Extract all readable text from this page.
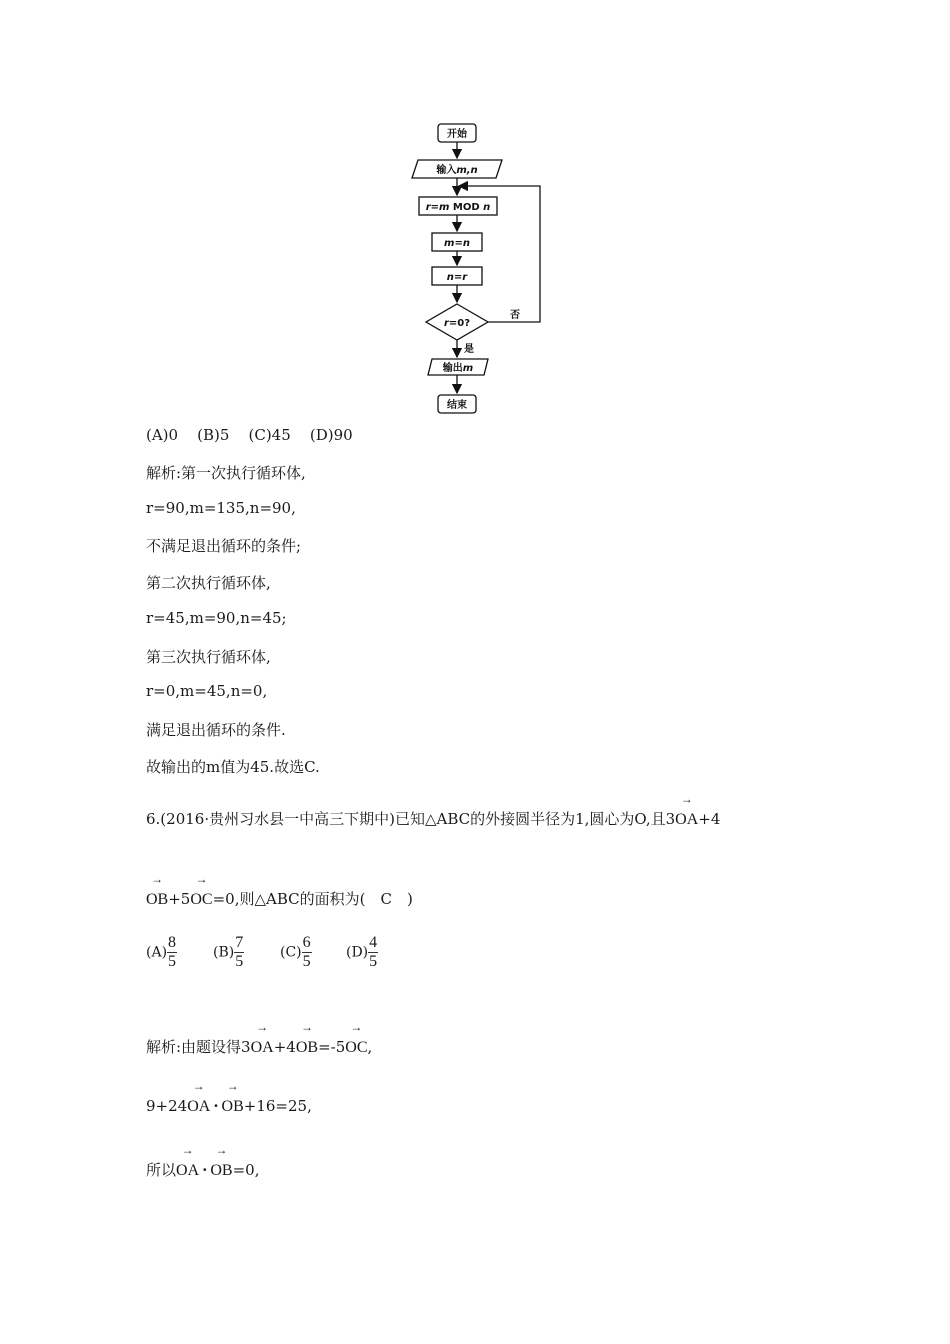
开始
输入m,n
r=m MOD n
m=n
n=r
r=0?
否
是
输出m
结束
(A)0    (B)5    (C)45    (D)90
解析:第一次执行循环体,
r=90,m=135,n=90,
不满足退出循环的条件;
第二次执行循环体,
r=45,m=90,n=45;
第三次执行循环体,
r=0,m=45,n=0,
满足退出循环的条件.
故输出的m值为45.故选C.
6.(2016·贵州习水县一中高三下期中)已知△ABC的外接圆半径为1,圆心为O,且3
→
OA+4
→
OB+5
→
OC=0,则△ABC的面积为(　C　)
$(A) \frac{8}{5}$	$(B) \frac{7}{5}$	$(C) \frac{6}{5} (D) \frac{4}{5}$
解析:由题设得3
→
OA+4
→
OB=-5
→
OC,
9+24
→
OA ·
→
OB+16=25,
所以
→
OA ·
→
OB=0,
